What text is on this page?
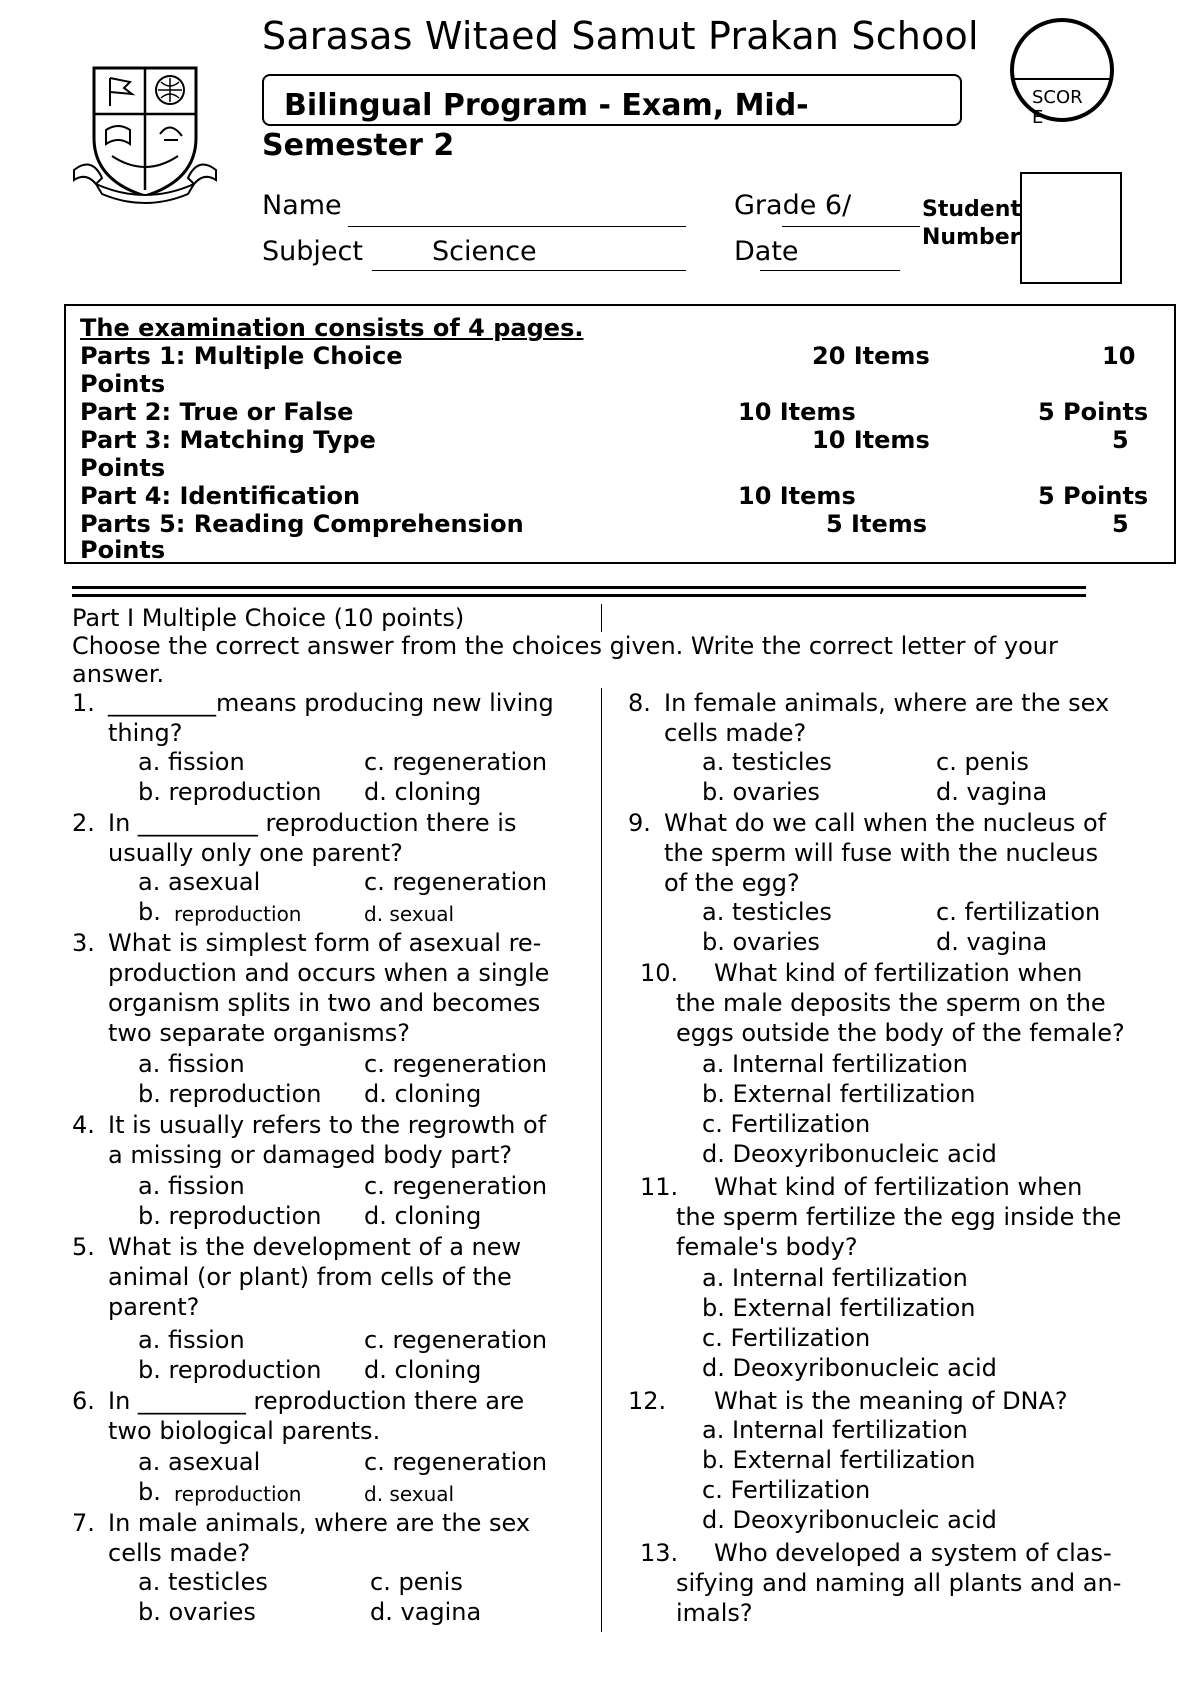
Sarasas Witaed Samut Prakan School
Bilingual Program - Exam, Mid-
Semester 2
SCORE
Name
Subject	Science
Grade 6/
Date
Student
Number
The examination consists of 4 pages.
Parts 1: Multiple Choice	20 Items	10
Points
Part 2: True or False	10 Items	5 Points
Part 3: Matching Type	10 Items	5
Points
Part 4: Identification	10 Items	5 Points
Parts 5: Reading Comprehension	5 Items	5
Points
Part I Multiple Choice (10 points)
Choose the correct answer from the choices given. Write the correct letter of your answer.
1. _________means producing new living
thing?
a. fission	c. regeneration
b. reproduction d. cloning
2. In __________ reproduction there is
usually only one parent?
a. asexual	c. regeneration
b. reproduction	d. sexual
3. What is simplest form of asexual re-
production and occurs when a single
organism splits in two and becomes
two separate organisms?
a. fission	c. regeneration
b. reproduction d. cloning
4. It is usually refers to the regrowth of
a missing or damaged body part?
a. fission	c. regeneration
b. reproduction d. cloning
5. What is the development of a new
animal (or plant) from cells of the
parent?
a. fission	c. regeneration
b. reproduction d. cloning
6. In _________ reproduction there are
two biological parents.
a. asexual	c. regeneration
b. reproduction	d. sexual
7. In male animals, where are the sex
cells made?
a. testicles	c. penis
b. ovaries	d. vagina
8. In female animals, where are the sex
cells made?
a. testicles	c. penis
b. ovaries	d. vagina
9. What do we call when the nucleus of
the sperm will fuse with the nucleus
of the egg?
a. testicles	c. fertilization
b. ovaries	d. vagina
10. What kind of fertilization when
the male deposits the sperm on the
eggs outside the body of the female?
a. Internal fertilization
b. External fertilization
c. Fertilization
d. Deoxyribonucleic acid
11. What kind of fertilization when
the sperm fertilize the egg inside the
female's body?
a. Internal fertilization
b. External fertilization
c. Fertilization
d. Deoxyribonucleic acid
12. What is the meaning of DNA?
a. Internal fertilization
b. External fertilization
c. Fertilization
d. Deoxyribonucleic acid
13. Who developed a system of clas-
sifying and naming all plants and an-
imals?
